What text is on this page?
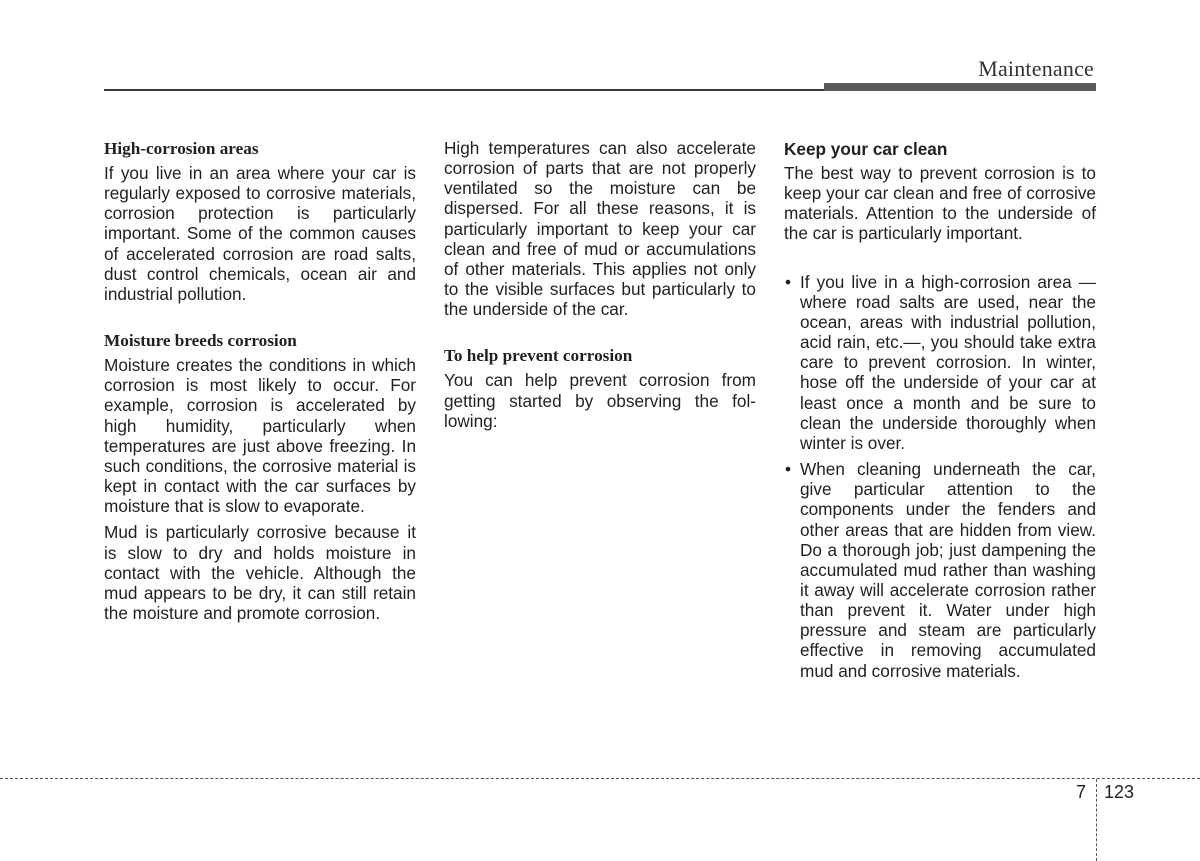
Maintenance
High-corrosion areas

If you live in an area where your car is regularly exposed to corrosive materials, corrosion protection is particularly important. Some of the common causes of accelerated corrosion are road salts, dust control chemicals, ocean air and industrial pollution.

Moisture breeds corrosion

Moisture creates the conditions in which corrosion is most likely to occur. For example, corrosion is accelerated by high humidity, particularly when temperatures are just above freezing. In such conditions, the corrosive material is kept in contact with the car surfaces by moisture that is slow to evaporate.

Mud is particularly corrosive because it is slow to dry and holds moisture in contact with the vehicle. Although the mud appears to be dry, it can still retain the moisture and promote corrosion.

High temperatures can also accelerate corrosion of parts that are not properly ventilated so the moisture can be dispersed. For all these reasons, it is particularly important to keep your car clean and free of mud or accumulations of other materials. This applies not only to the visible surfaces but particularly to the underside of the car.

To help prevent corrosion

You can help prevent corrosion from getting started by observing the following:

Keep your car clean

The best way to prevent corrosion is to keep your car clean and free of corrosive materials. Attention to the underside of the car is particularly important.

• If you live in a high-corrosion area — where road salts are used, near the ocean, areas with industrial pollution, acid rain, etc.—, you should take extra care to prevent corrosion. In winter, hose off the underside of your car at least once a month and be sure to clean the underside thoroughly when winter is over.
• When cleaning underneath the car, give particular attention to the components under the fenders and other areas that are hidden from view. Do a thorough job; just dampening the accumulated mud rather than washing it away will accelerate corrosion rather than prevent it. Water under high pressure and steam are particularly effective in removing accumulated mud and corrosive materials.
7 123
